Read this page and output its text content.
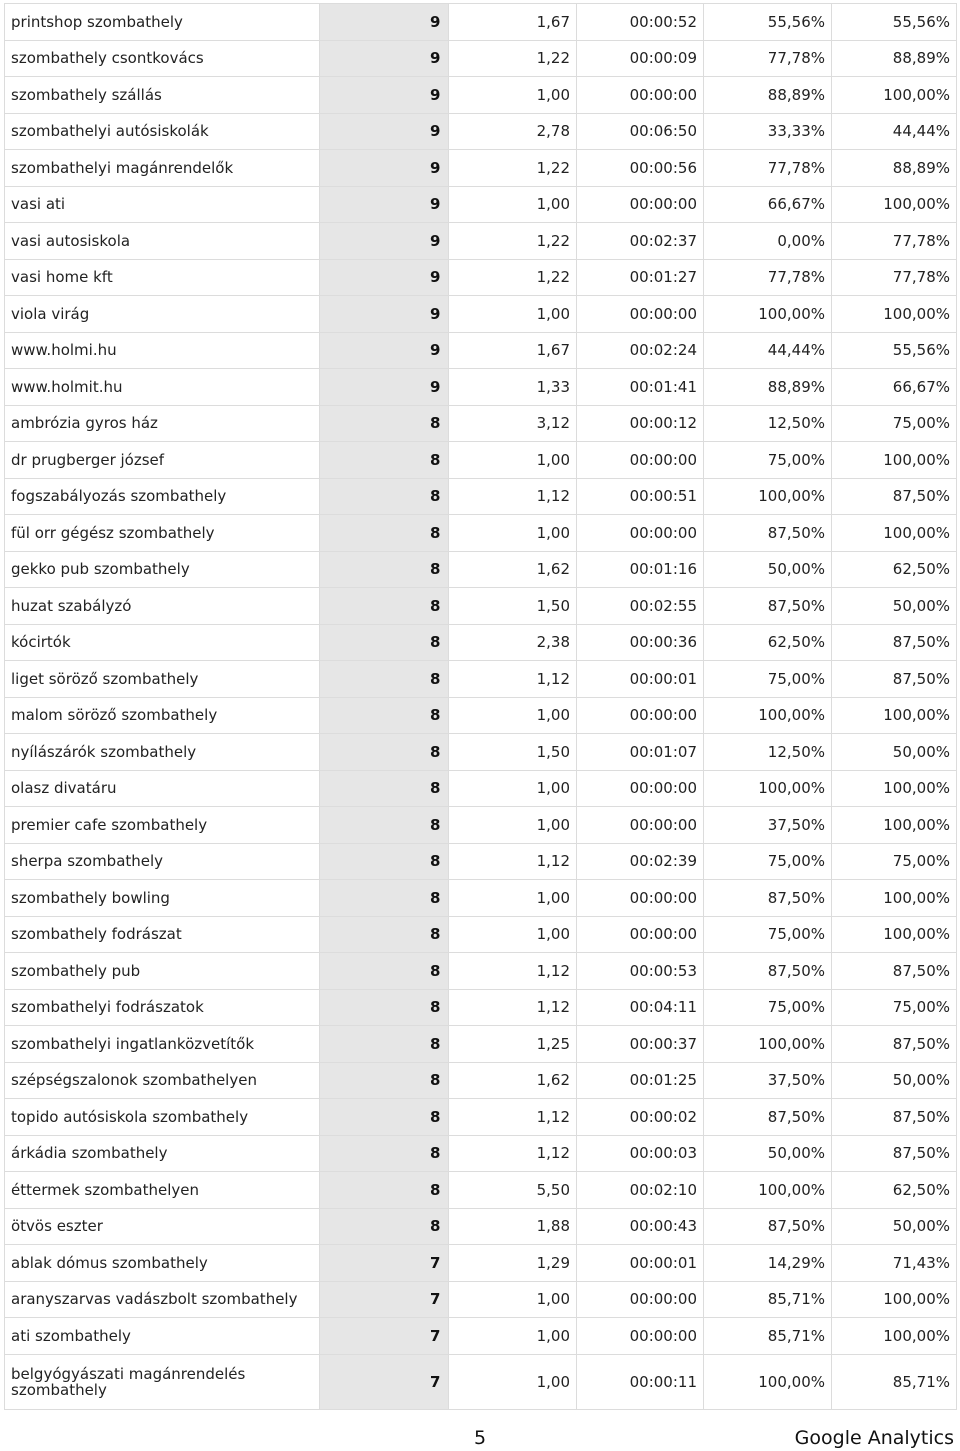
printshop szombathely	9	1,67	00:00:52	55,56%	55,56%
szombathely csontkovács	9	1,22	00:00:09	77,78%	88,89%
szombathely szállás	9	1,00	00:00:00	88,89%	100,00%
szombathelyi autósiskolák	9	2,78	00:06:50	33,33%	44,44%
szombathelyi magánrendelők	9	1,22	00:00:56	77,78%	88,89%
vasi ati	9	1,00	00:00:00	66,67%	100,00%
vasi autosiskola	9	1,22	00:02:37	0,00%	77,78%
vasi home kft	9	1,22	00:01:27	77,78%	77,78%
viola virág	9	1,00	00:00:00	100,00%	100,00%
www.holmi.hu	9	1,67	00:02:24	44,44%	55,56%
www.holmit.hu	9	1,33	00:01:41	88,89%	66,67%
ambrózia gyros ház	8	3,12	00:00:12	12,50%	75,00%
dr prugberger józsef	8	1,00	00:00:00	75,00%	100,00%
fogszabályozás szombathely	8	1,12	00:00:51	100,00%	87,50%
fül orr gégész szombathely	8	1,00	00:00:00	87,50%	100,00%
gekko pub szombathely	8	1,62	00:01:16	50,00%	62,50%
huzat szabályzó	8	1,50	00:02:55	87,50%	50,00%
kócirtók	8	2,38	00:00:36	62,50%	87,50%
liget söröző szombathely	8	1,12	00:00:01	75,00%	87,50%
malom söröző szombathely	8	1,00	00:00:00	100,00%	100,00%
nyílászárók szombathely	8	1,50	00:01:07	12,50%	50,00%
olasz divatáru	8	1,00	00:00:00	100,00%	100,00%
premier cafe szombathely	8	1,00	00:00:00	37,50%	100,00%
sherpa szombathely	8	1,12	00:02:39	75,00%	75,00%
szombathely bowling	8	1,00	00:00:00	87,50%	100,00%
szombathely fodrászat	8	1,00	00:00:00	75,00%	100,00%
szombathely pub	8	1,12	00:00:53	87,50%	87,50%
szombathelyi fodrászatok	8	1,12	00:04:11	75,00%	75,00%
szombathelyi ingatlanközvetítők	8	1,25	00:00:37	100,00%	87,50%
szépségszalonok szombathelyen	8	1,62	00:01:25	37,50%	50,00%
topido autósiskola szombathely	8	1,12	00:00:02	87,50%	87,50%
árkádia szombathely	8	1,12	00:00:03	50,00%	87,50%
éttermek szombathelyen	8	5,50	00:02:10	100,00%	62,50%
ötvös eszter	8	1,88	00:00:43	87,50%	50,00%
ablak dómus szombathely	7	1,29	00:00:01	14,29%	71,43%
aranyszarvas vadászbolt szombathely	7	1,00	00:00:00	85,71%	100,00%
ati szombathely	7	1,00	00:00:00	85,71%	100,00%
belgyógyászati magánrendelés szombathely	7	1,00	00:00:11	100,00%	85,71%
5	Google Analytics
